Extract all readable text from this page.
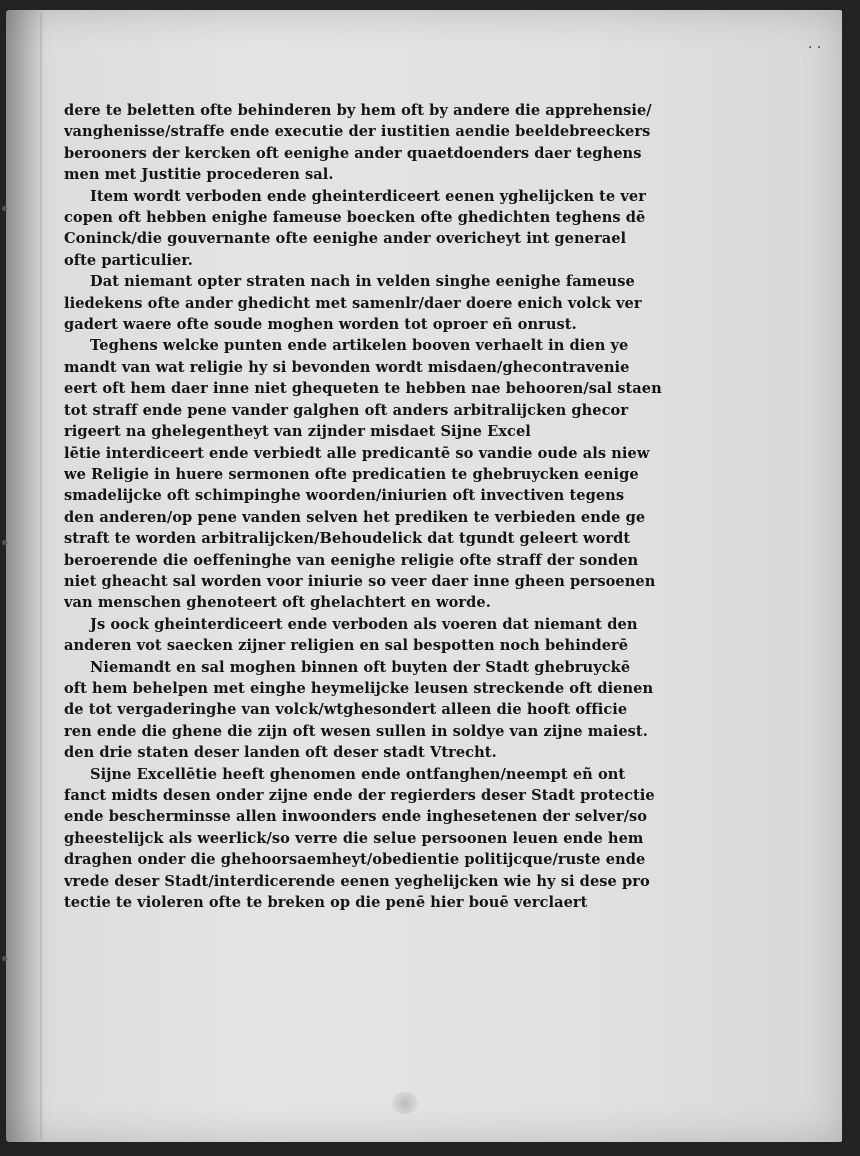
· ·
dere te beletten ofte behinderen by hem oft by andere die apprehensie/
vanghenisse/straffe ende executie der iustitien aendie beeldebreeckers
berooners der kercken oft eenighe ander quaetdoenders daer teghens
men met Justitie procederen sal.
Item wordt verboden ende gheinterdiceert eenen yghelijcken te ver
copen oft hebben enighe fameuse boecken ofte ghedichten teghens dē
Coninck/die gouvernante ofte eenighe ander overicheyt int generael
ofte particulier.
Dat niemant opter straten nach in velden singhe eenighe fameuse
liedekens ofte ander ghedicht met samenlr/daer doere enich volck ver
gadert waere ofte soude moghen worden tot oproer eñ onrust.
Teghens welcke punten ende artikelen booven verhaelt in dien ye
mandt van wat religie hy si bevonden wordt misdaen/ghecontravenie
eert oft hem daer inne niet ghequeten te hebben nae behooren/sal staen
tot straff ende pene vander galghen oft anders arbitralijcken ghecor
rigeert na ghelegentheyt van zijnder misdaet Sijne Excel
lētie interdiceert ende verbiedt alle predicantē so vandie oude als niew
we Religie in huere sermonen ofte predicatien te ghebruycken eenige
smadelijcke oft schimpinghe woorden/iniurien oft invectiven tegens
den anderen/op pene vanden selven het prediken te verbieden ende ge
straft te worden arbitralijcken/Behoudelick dat tgundt geleert wordt
beroerende die oeffeninghe van eenighe religie ofte straff der sonden
niet gheacht sal worden voor iniurie so veer daer inne gheen persoenen
van menschen ghenoteert oft ghelachtert en worde.
Js oock gheinterdiceert ende verboden als voeren dat niemant den
anderen vot saecken zijner religien en sal bespotten noch behinderē
Niemandt en sal moghen binnen oft buyten der Stadt ghebruyckē
oft hem behelpen met einghe heymelijcke leusen streckende oft dienen
de tot vergaderinghe van volck/wtghesondert alleen die hooft officie
ren ende die ghene die zijn oft wesen sullen in soldye van zijne maiest.
den drie staten deser landen oft deser stadt Vtrecht.
Sijne Excellētie heeft ghenomen ende ontfanghen/neempt eñ ont
fanct midts desen onder zijne ende der regierders deser Stadt protectie
ende bescherminsse allen inwoonders ende inghesetenen der selver/so
gheestelijck als weerlick/so verre die selue persoonen leuen ende hem
draghen onder die ghehoorsaemheyt/obedientie politijcque/ruste ende
vrede deser Stadt/interdicerende eenen yeghelijcken wie hy si dese pro
tectie te violeren ofte te breken op die penē hier bouē verclaert
